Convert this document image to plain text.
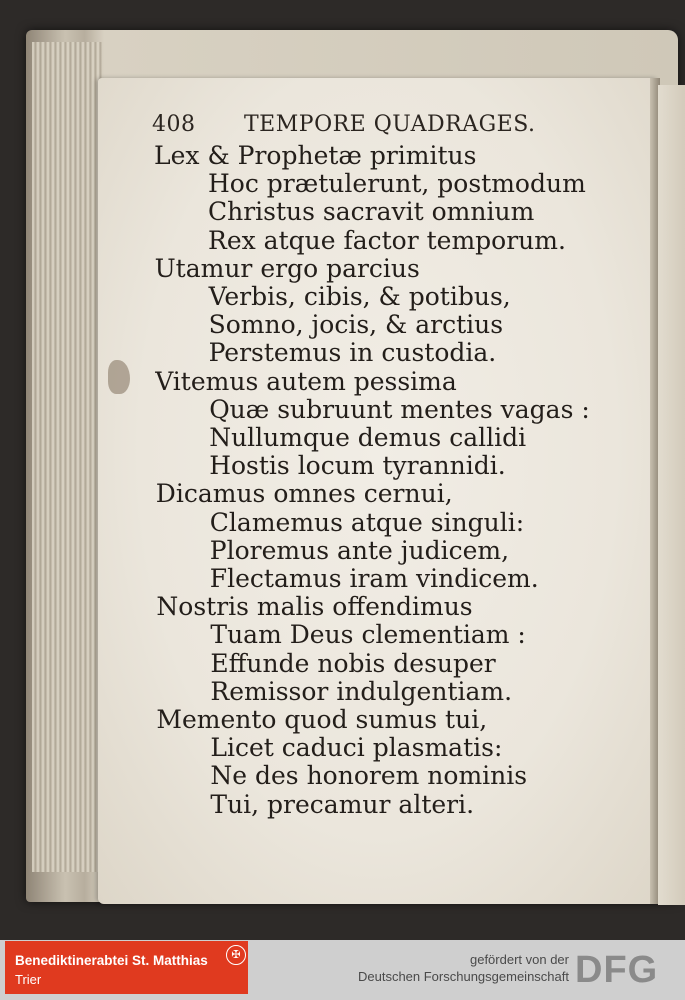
408 TEMPORE QUADRAGES.
Lex & Prophetæ primitus
Hoc prætulerunt, postmodum
Christus sacravit omnium
Rex atque factor temporum.
Utamur ergo parcius
Verbis, cibis, & potibus,
Somno, jocis, & arctius
Perstemus in custodia.
Vitemus autem pessima
Quæ subruunt mentes vagas :
Nullumque demus callidi
Hostis locum tyrannidi.
Dicamus omnes cernui,
Clamemus atque singuli:
Ploremus ante judicem,
Flectamus iram vindicem.
Nostris malis offendimus
Tuam Deus clementiam :
Effunde nobis desuper
Remissor indulgentiam.
Memento quod sumus tui,
Licet caduci plasmatis:
Ne des honorem nominis
Tui, precamur alteri.
Benediktinerabtei St. Matthias
Trier
✠	gefördert von der
Deutschen Forschungsgemeinschaft DFG
